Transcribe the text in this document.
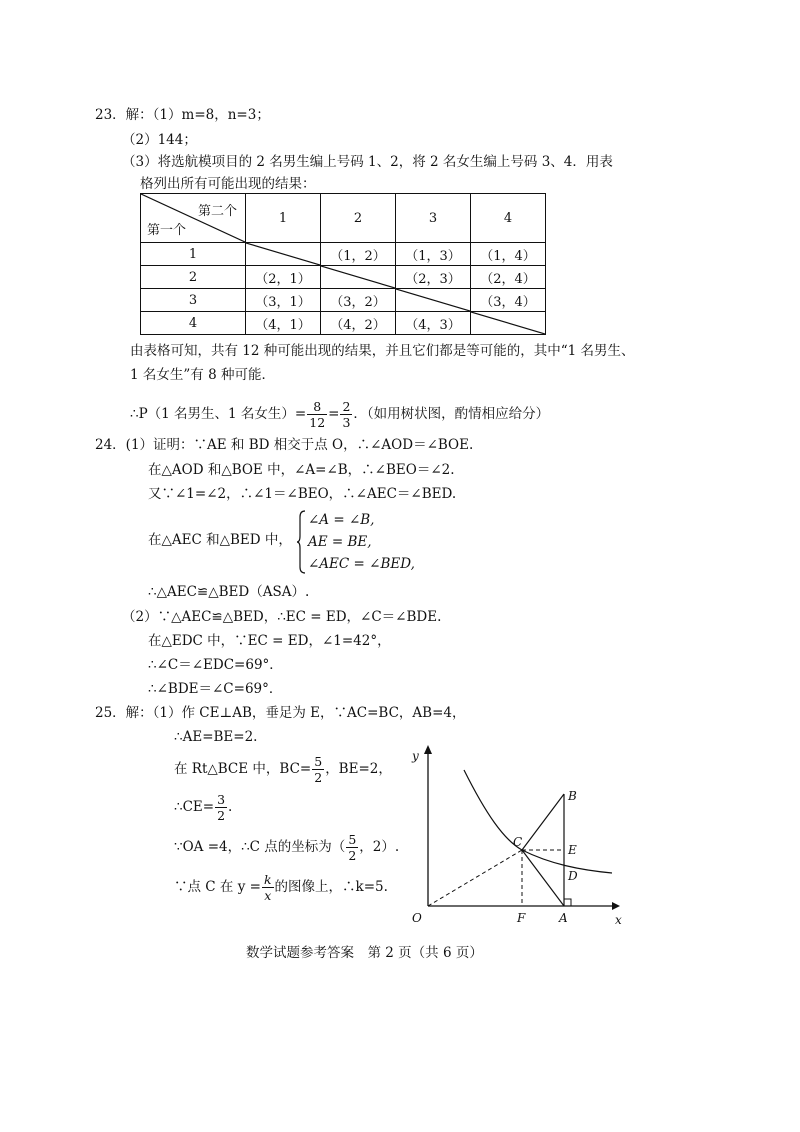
23．解：（1）m=8，n=3；
（2）144；
（3）将选航模项目的 2 名男生编上号码 1、2，将 2 名女生编上号码 3、4．用表
格列出所有可能出现的结果：
第二个
第一个	1	2	3	4
1		（1，2）	（1，3）	（1，4）
2	（2，1）		（2，3）	（2，4）
3	（3，1）	（3，2）		（3，4）
4	（4，1）	（4，2）	（4，3）	
由表格可知，共有 12 种可能出现的结果，并且它们都是等可能的，其中“1 名男生、
1 名女生”有 8 种可能．
∴P（1 名男生、1 名女生）= $\frac{8}{12} = \frac{2}{3}$ ．（如用树状图，酌情相应给分）
24．(1）证明：∵AE 和 BD 相交于点 O，∴∠AOD＝∠BOE.
在△AOD 和△BOE 中，∠A=∠B，∴∠BEO＝∠2.
又∵∠1=∠2，∴∠1＝∠BEO，∴∠AEC＝∠BED.
在△AEC 和△BED 中，
∠A = ∠B,
AE = BE,
∠AEC = ∠BED,
∴△AEC≌△BED（ASA）.
（2）∵△AEC≌△BED，∴EC = ED，∠C＝∠BDE.
在△EDC 中，∵EC = ED，∠1=42°，
∴∠C＝∠EDC=69°．
∴∠BDE＝∠C=69°．
25．解：（1）作 CE⊥AB，垂足为 E，∵AC=BC，AB=4，
∴AE=BE=2.
在 Rt△BCE 中，$BC= \frac{5}{2}$ ，BE=2，
∴CE= $\frac{3}{2}$ .
∵OA =4，∴C 点的坐标为（ $\frac{5}{2}$ ，2）.
∵点 C 在 $y = \frac{k}{x}$ 的图像上，∴k=5.
y
x
O	F	A
B
C
E
D
数学试题参考答案　第 2 页（共 6 页）
